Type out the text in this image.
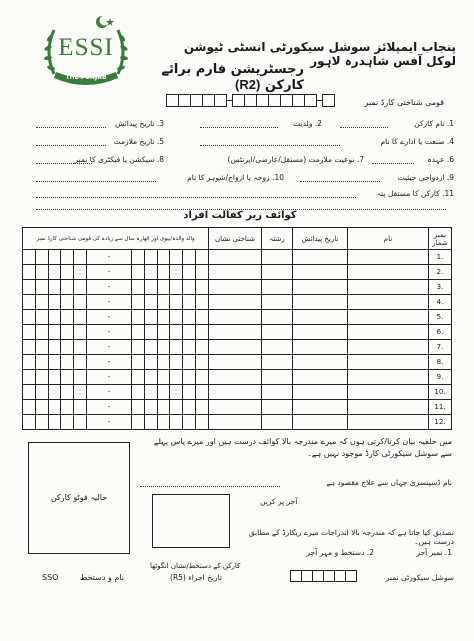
ESSI
THE PUNJAB
پنجاب ایمپلائز سوشل سیکورٹی انسٹی ٹیوشن لوکل آفس شاہدرہ لاہور
رجسٹریشن فارم برائے کارکن (R2)
قومی شناختی کارڈ نمبر
1. نام کارکن
2. ولدیت
3. تاریخ پیدائش
4. صنعت یا ادارے کا نام
5. تاریخ ملازمت
6. عہدہ
7. نوعیت ملازمت (مستقل/عارضی/اپرنٹس)
8. سیکشن یا فیکٹری کا نمبر
9. ازدواجی حیثیت
10. زوجہ یا ازواج/شوہر کا نام
11. کارکن کا مستقل پتہ
کوائف زیر کفالت افراد
والد والدہ/بیوی اور اٹھارہ سال سے زیادہ کی قومی شناختی کارڈ نمبر												شناختی نشان	رشتہ	تاریخ پیدائش	نام	نمبر شمار
					-											1.
					-											2.
					-											3.
					-											4.
					-											5.
					-											6.
					-											7.
					-											8.
					-											9.
					-											10.
					-											11.
					-											12.
میں حلفیہ بیان کرتا/کرتی ہوں کہ میرے مندرجہ بالا کوائف درست ہیں اور میرے پاس پہلے سے سوشل سیکورٹی کارڈ موجود نہیں ہے۔
نام ڈسپنسری جہاں سے علاج مقصود ہے
آجر پر کریں
حالیہ فوٹو کارکن
کارکن کے دستخط/نشان انگوٹھا
تصدیق کیا جاتا ہے کہ مندرجہ بالا اندراجات میرے ریکارڈ کے مطابق درست ہیں۔
1. نمبر آجر
2. دستخط و مہر آجر
سوشل سیکورٹی نمبر
SSO	نام و دستخط	تاریخ اجراء (R5)
